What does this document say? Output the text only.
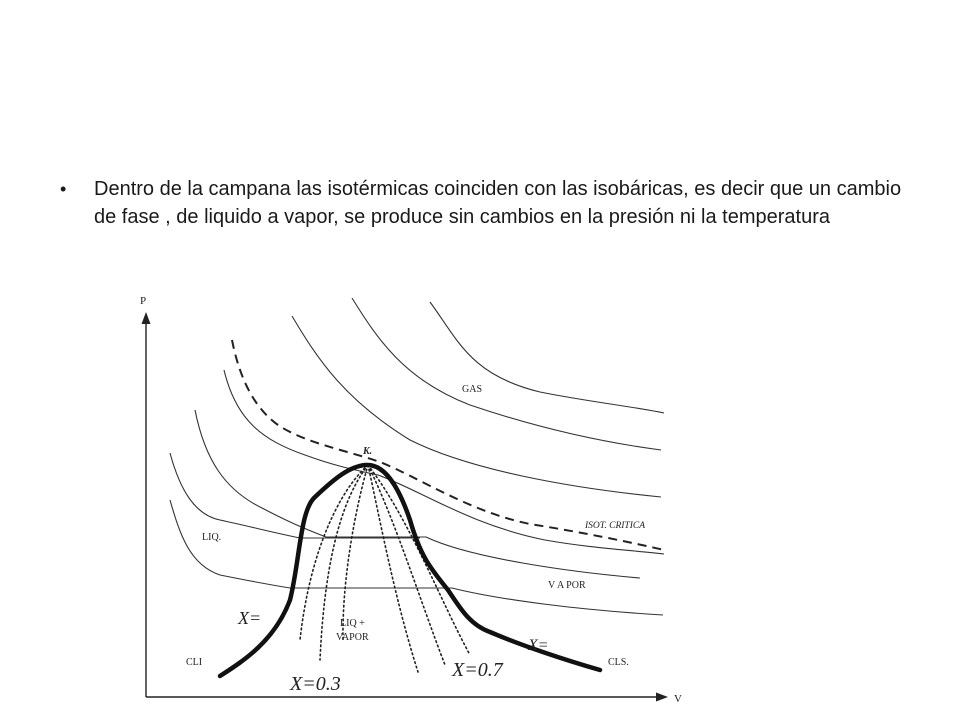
•	Dentro de la campana las isotérmicas coinciden con las isobáricas, es decir que un cambio de fase , de liquido a vapor, se produce sin cambios en la presión ni la temperatura
P
V
GAS
K.
ISOT. CRITICA
LIQ.
V A POR
LIQ +
VAPOR
CLI	CLS.
X=
X=
X=0.3
X=0.7
